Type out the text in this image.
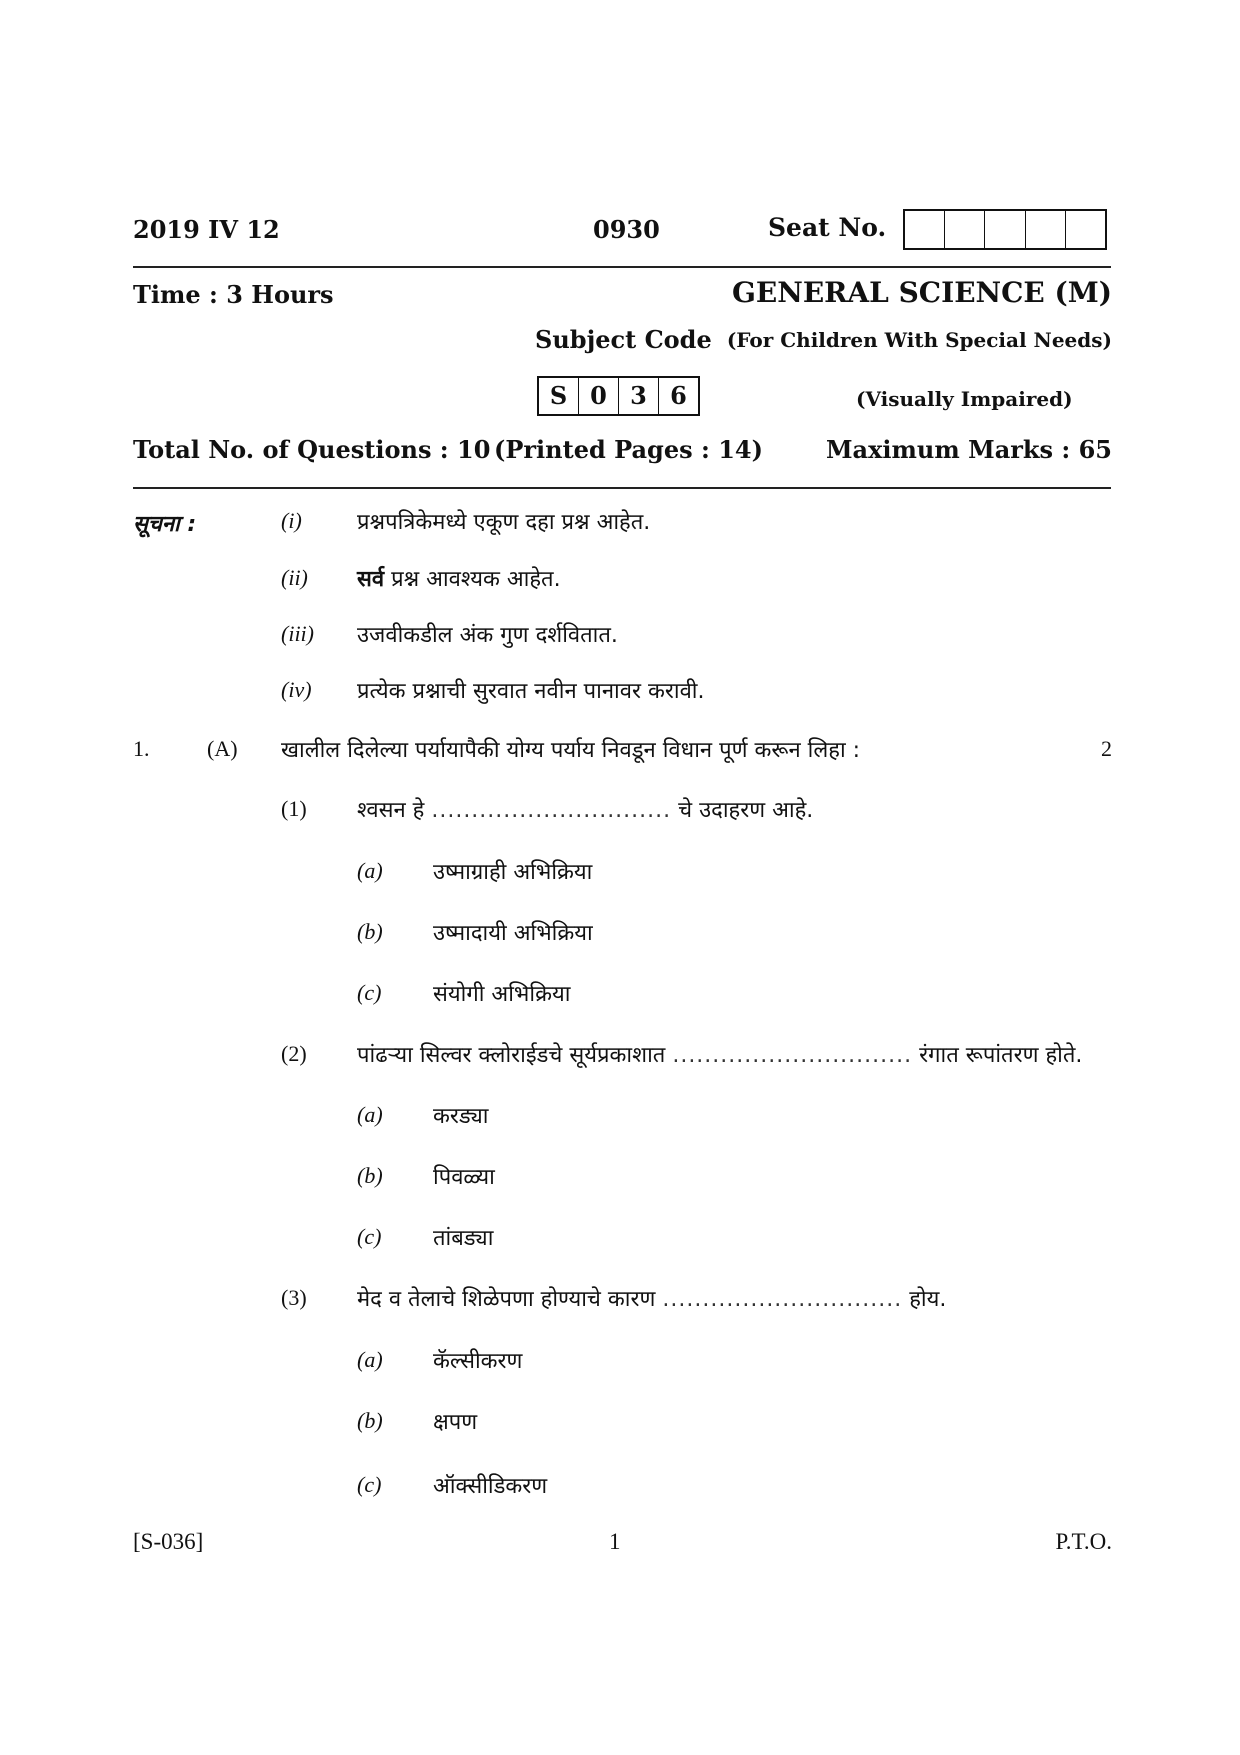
2019 IV 12	0930	Seat No.
Time : 3 Hours	GENERAL SCIENCE (M)
Subject Code (For Children With Special Needs)
S 0 3 6	(Visually Impaired)
Total No. of Questions : 10 (Printed Pages : 14)	Maximum Marks : 65
सूचना :	(i)	प्रश्नपत्रिकेमध्ये एकूण दहा प्रश्न आहेत.
(ii) सर्व प्रश्न आवश्यक आहेत.
(iii) उजवीकडील अंक गुण दर्शवितात.
(iv) प्रत्येक प्रश्नाची सुरवात नवीन पानावर करावी.
1.	(A) खालील दिलेल्या पर्यायापैकी योग्य पर्याय निवडून विधान पूर्ण करून लिहा :	2
(1) श्वसन हे .............................. चे उदाहरण आहे.
(a) उष्माग्राही अभिक्रिया
(b) उष्मादायी अभिक्रिया
(c) संयोगी अभिक्रिया
(2) पांढऱ्या सिल्वर क्लोराईडचे सूर्यप्रकाशात .............................. रंगात रूपांतरण होते.
(a) करड्या
(b) पिवळ्या
(c) तांबड्या
(3) मेद व तेलाचे शिळेपणा होण्याचे कारण .............................. होय.
(a) कॅल्सीकरण
(b) क्षपण
(c) ऑक्सीडिकरण
[S-036]	1	P.T.O.
